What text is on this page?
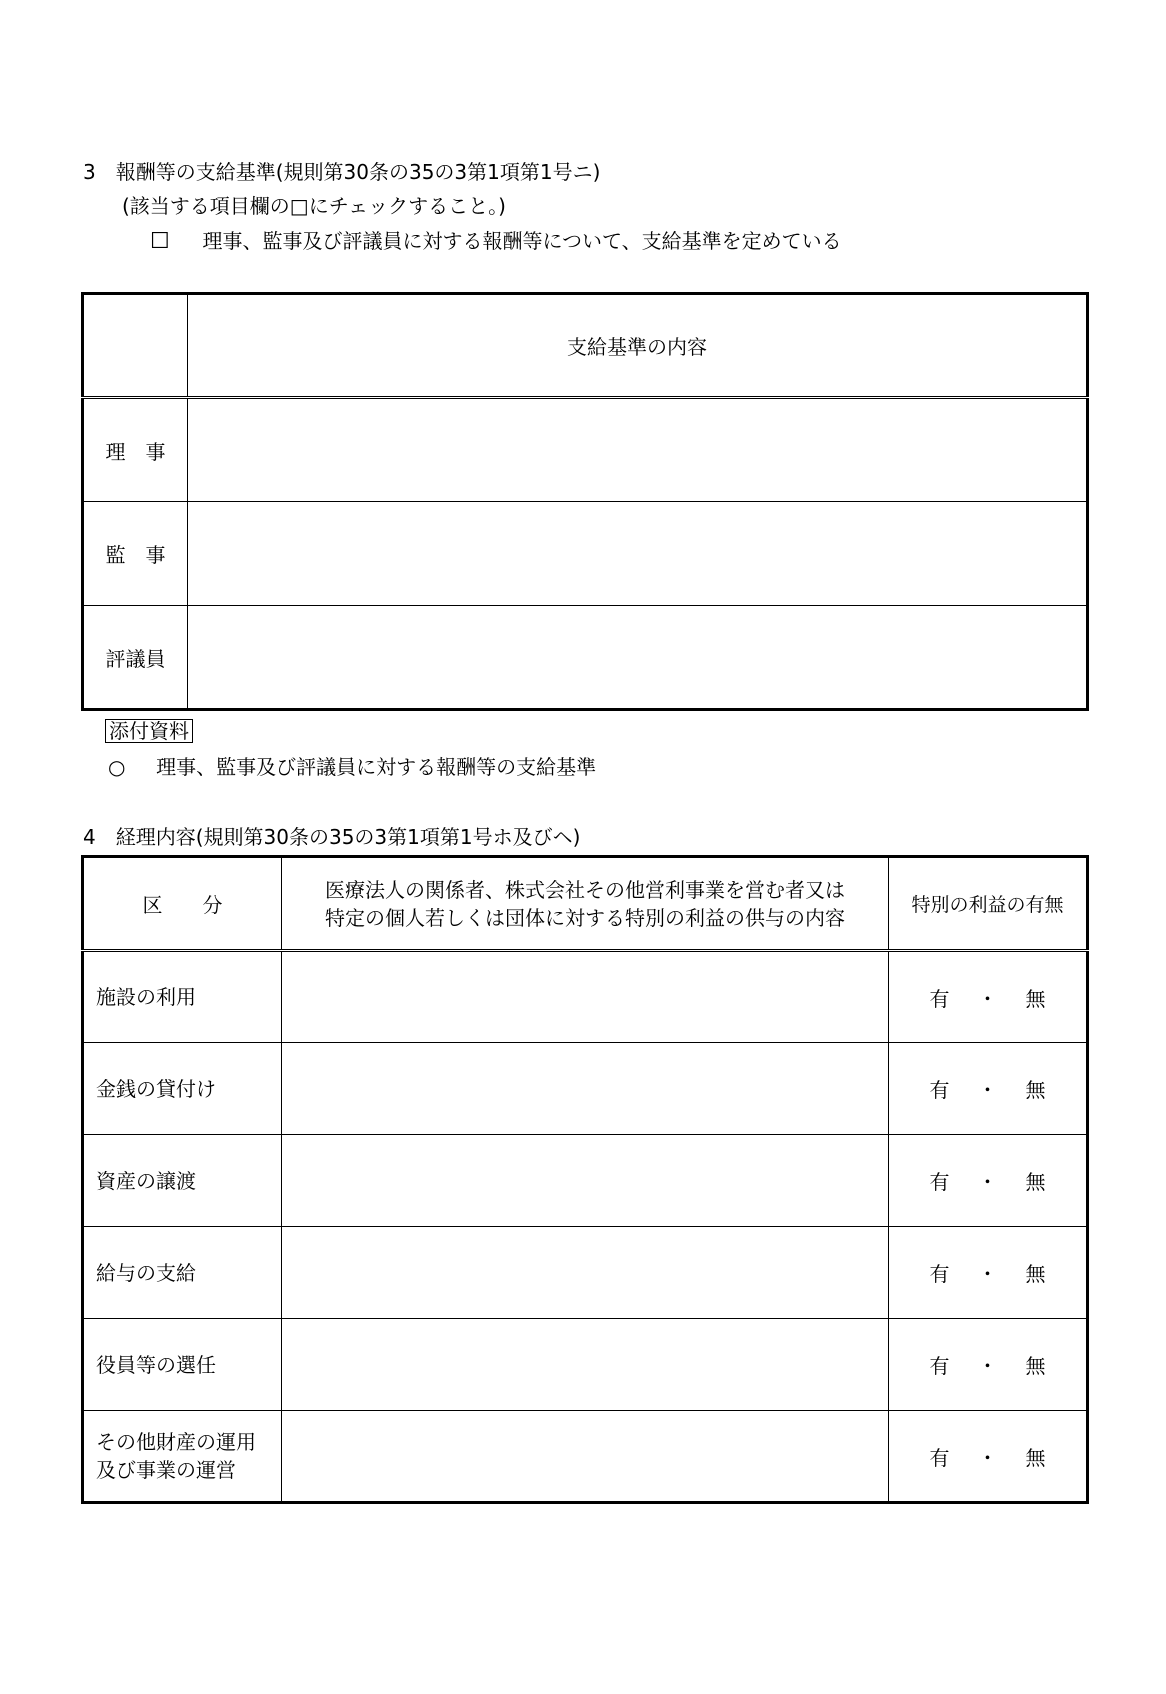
3　報酬等の支給基準(規則第30条の35の3第1項第1号ニ)
(該当する項目欄の□にチェックすること。)
☐ 理事、監事及び評議員に対する報酬等について、支給基準を定めている
	支給基準の内容
理　事	
監　事	
評議員	
添付資料
○ 理事、監事及び評議員に対する報酬等の支給基準
4　経理内容(規則第30条の35の3第1項第1号ホ及びヘ)
区　　分	医療法人の関係者、株式会社その他営利事業を営む者又は
特定の個人若しくは団体に対する特別の利益の供与の内容	特別の利益の有無
施設の利用		有 ・ 無
金銭の貸付け		有 ・ 無
資産の譲渡		有 ・ 無
給与の支給		有 ・ 無
役員等の選任		有 ・ 無

その他財産の運用
及び事業の運営		有 ・ 無
